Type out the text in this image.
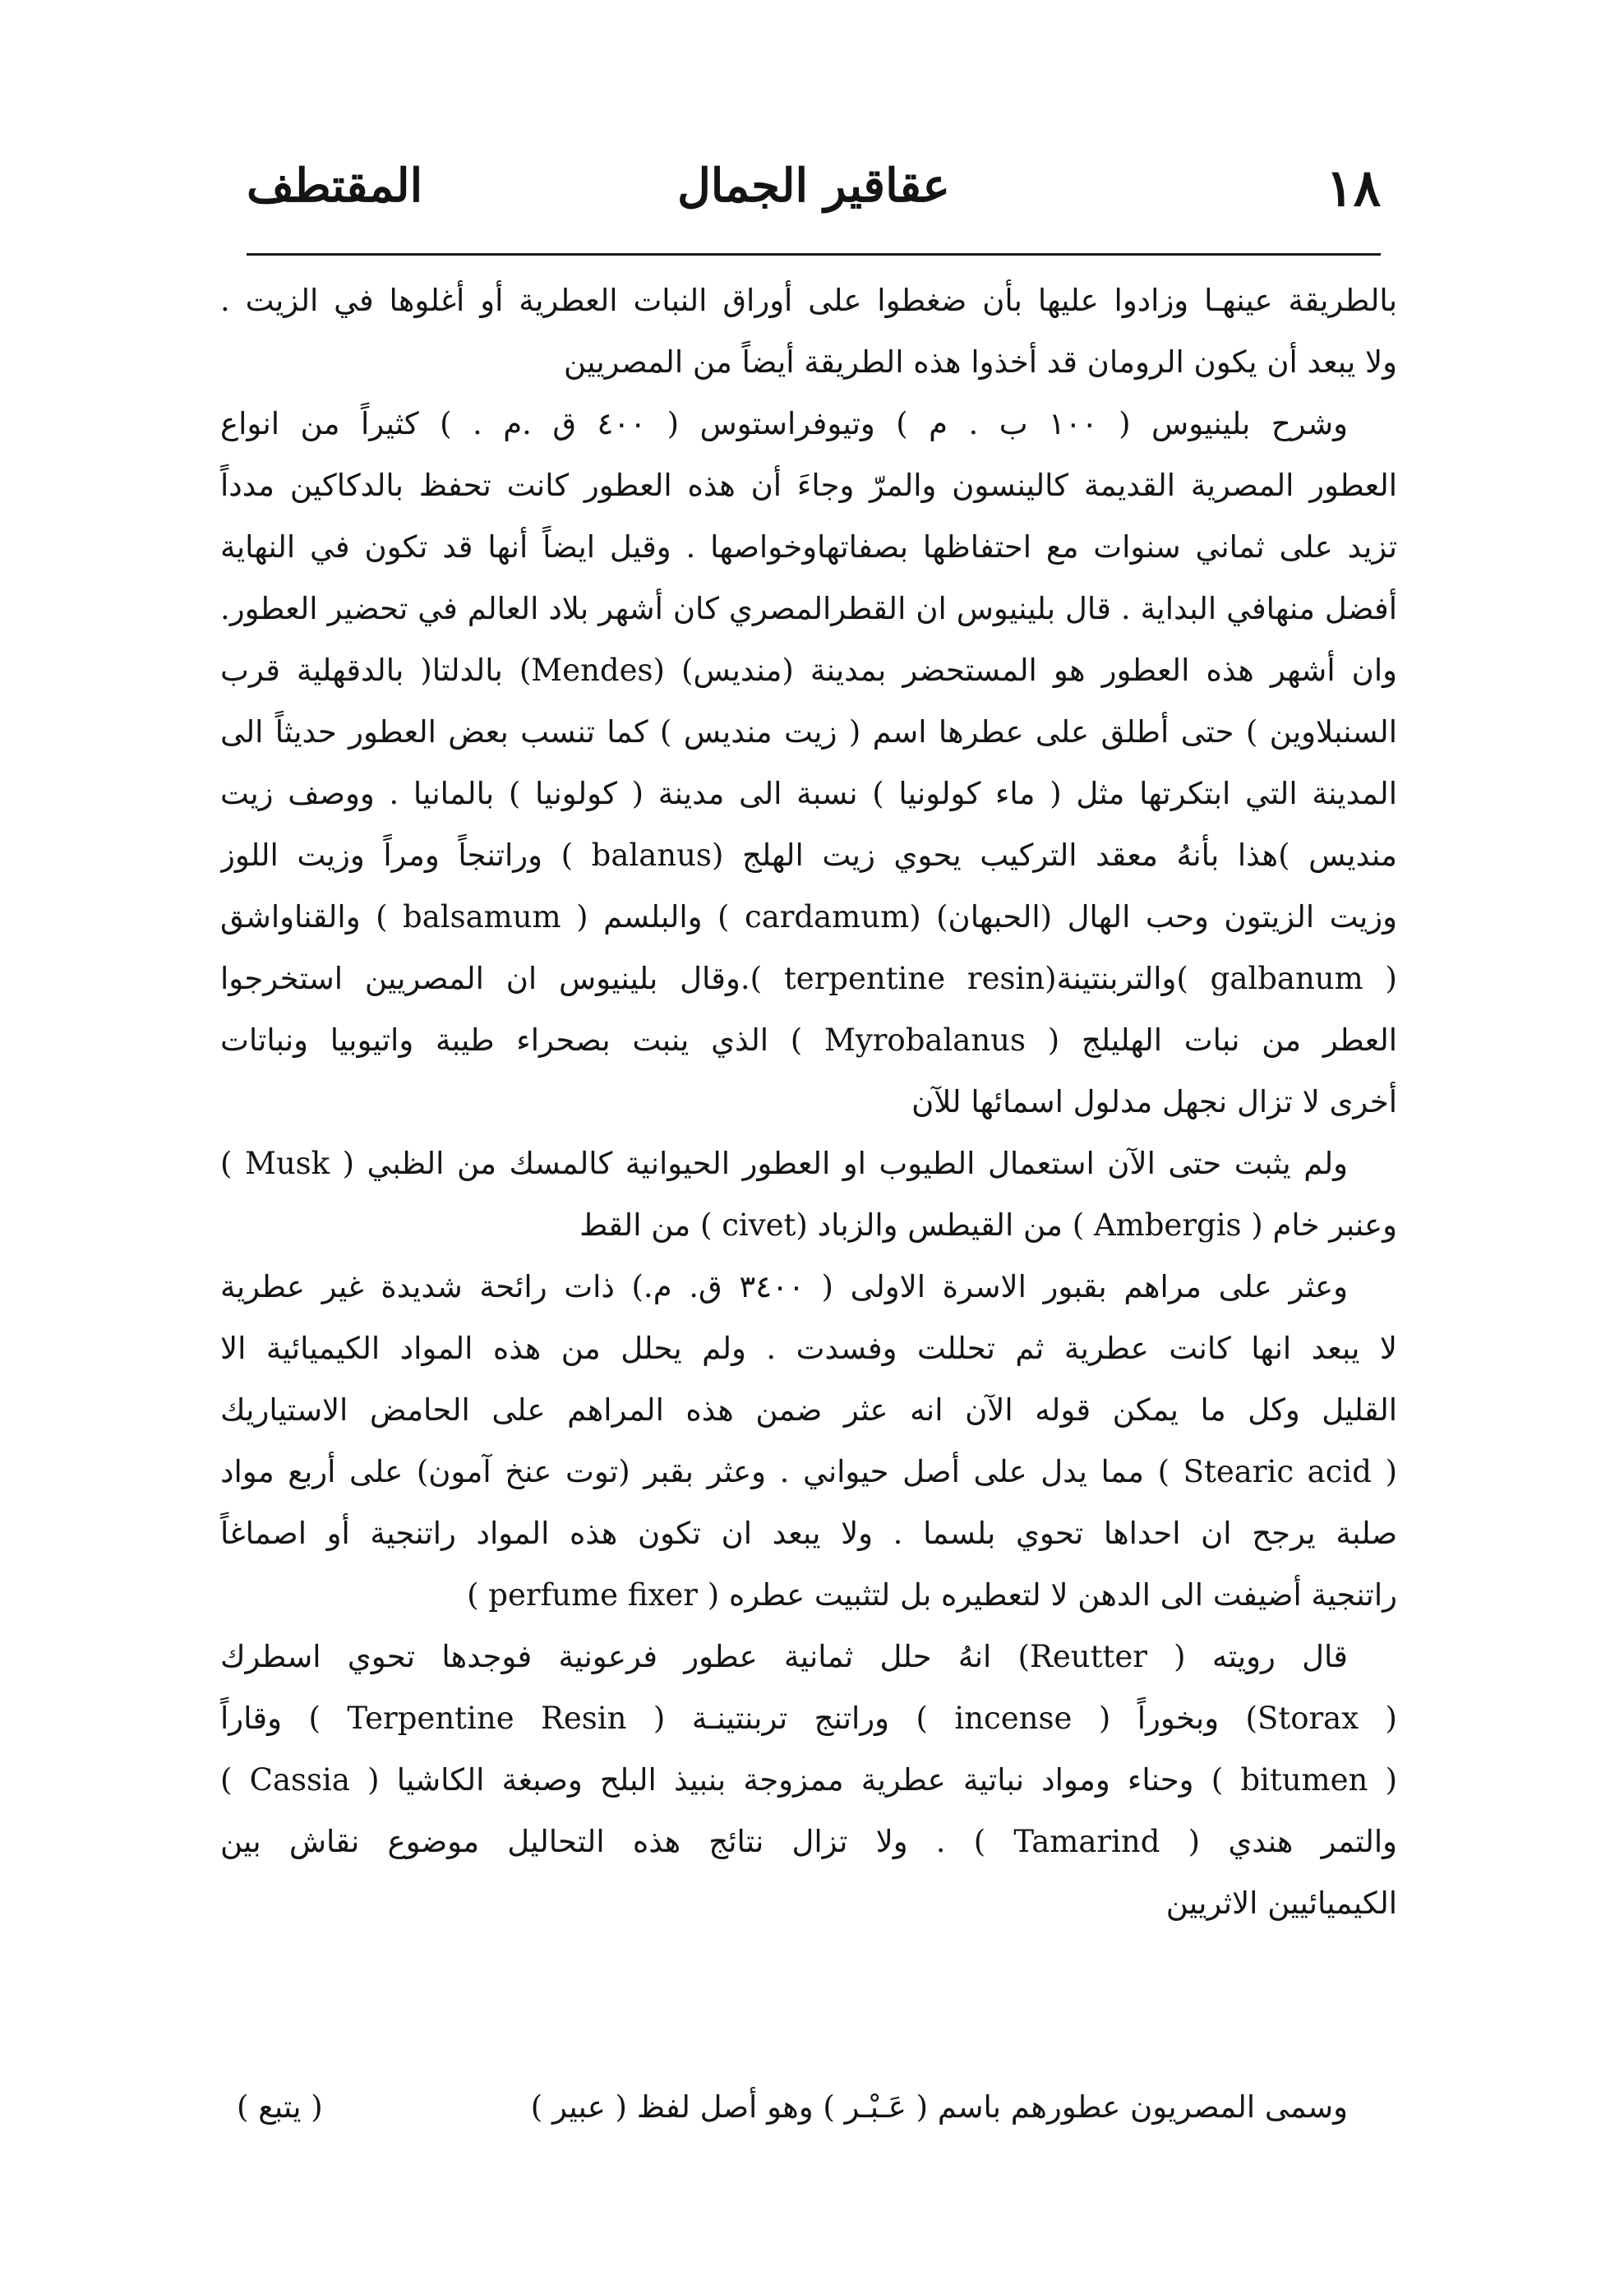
١٨
عقاقير الجمال
المقتطف
بالطريقة عينهـا وزادوا عليها بأن ضغطوا على أوراق النبات العطرية أو أغلوها في الزيت .
ولا يبعد أن يكون الرومان قد أخذوا هذه الطريقة أيضاً من المصريين
وشرح بلينيوس ( ١٠٠ ب . م ) وتيوفراستوس ( ٤٠٠ ق .م . ) كثيراً من انواع
العطور المصرية القديمة كالينسون والمرّ وجاءَ أن هذه العطور كانت تحفظ بالدكاكين مدداً
تزيد على ثماني سنوات مع احتفاظها بصفاتهاوخواصها . وقيل ايضاً أنها قد تكون في النهاية
أفضل منهافي البداية . قال بلينيوس ان القطرالمصري كان أشهر بلاد العالم في تحضير العطور.
وان أشهر هذه العطور هو المستحضر بمدينة (منديس) (Mendes) بالدلتا( بالدقهلية قرب
السنبلاوين ) حتى أطلق على عطرها اسم ( زيت منديس ) كما تنسب بعض العطور حديثاً الى
المدينة التي ابتكرتها مثل ( ماء كولونيا ) نسبة الى مدينة ( كولونيا ) بالمانيا . ووصف زيت
منديس )هذا بأنهُ معقد التركيب يحوي زيت الهلج (balanus ) وراتنجاً ومراً وزيت اللوز
وزيت الزيتون وحب الهال (الحبهان) (cardamum ) والبلسم ( balsamum ) والقناواشق
( galbanum )والتربنتينة(terpentine resin ).وقال بلينيوس ان المصريين استخرجوا
العطر من نبات الهليلج ( Myrobalanus ) الذي ينبت بصحراء طيبة واتيوبيا ونباتات
أخرى لا تزال نجهل مدلول اسمائها للآن
ولم يثبت حتى الآن استعمال الطيوب او العطور الحيوانية كالمسك من الظبي ( Musk )
وعنبر خام ( Ambergis ) من القيطس والزباد (civet ) من القط
وعثر على مراهم بقبور الاسرة الاولى ( ٣٤٠٠ ق. م.) ذات رائحة شديدة غير عطرية
لا يبعد انها كانت عطرية ثم تحللت وفسدت . ولم يحلل من هذه المواد الكيميائية الا
القليل وكل ما يمكن قوله الآن انه عثر ضمن هذه المراهم على الحامض الاستياريك
( Stearic acid ) مما يدل على أصل حيواني . وعثر بقبر (توت عنخ آمون) على أربع مواد
صلبة يرجح ان احداها تحوي بلسما . ولا يبعد ان تكون هذه المواد راتنجية أو اصماغاً
راتنجية أضيفت الى الدهن لا لتعطيره بل لتثبيت عطره ( perfume fixer )
قال رويته ( Reutter) انهُ حلل ثمانية عطور فرعونية فوجدها تحوي اسطرك
( Storax) وبخوراً ( incense ) وراتنج تربنتينـة ( Terpentine Resin ) وقاراً
( bitumen ) وحناء ومواد نباتية عطرية ممزوجة بنبيذ البلح وصبغة الكاشيا ( Cassia )
والتمر هندي ( Tamarind ) . ولا تزال نتائج هذه التحاليل موضوع نقاش بين
الكيميائيين الاثريين
وسمى المصريون عطورهم باسم ( عَـبْـر ) وهو أصل لفظ ( عبير )
( يتبع )
